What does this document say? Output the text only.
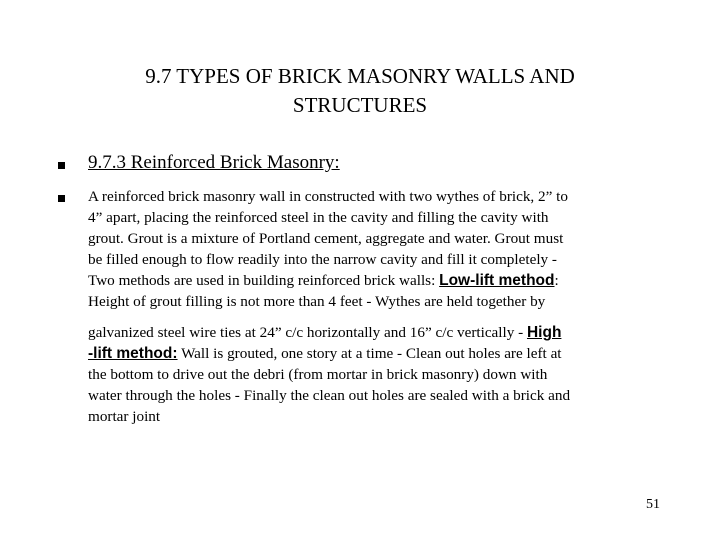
9.7 TYPES OF BRICK MASONRY WALLS AND
STRUCTURES
9.7.3 Reinforced Brick Masonry:
A reinforced brick masonry wall in constructed with two wythes of brick, 2” to
4” apart, placing the reinforced steel in the cavity and filling the cavity with
grout. Grout is a mixture of Portland cement, aggregate and water. Grout must
be filled enough to flow readily into the narrow cavity and fill it completely -
Two methods are used in building reinforced brick walls: Low-lift method:
Height of grout filling is not more than 4 feet - Wythes are held together by
galvanized steel wire ties at 24” c/c horizontally and 16” c/c vertically - High
-lift method: Wall is grouted, one story at a time - Clean out holes are left at
the bottom to drive out the debri (from mortar in brick masonry) down with
water through the holes - Finally the clean out holes are sealed with a brick and
mortar joint
51
